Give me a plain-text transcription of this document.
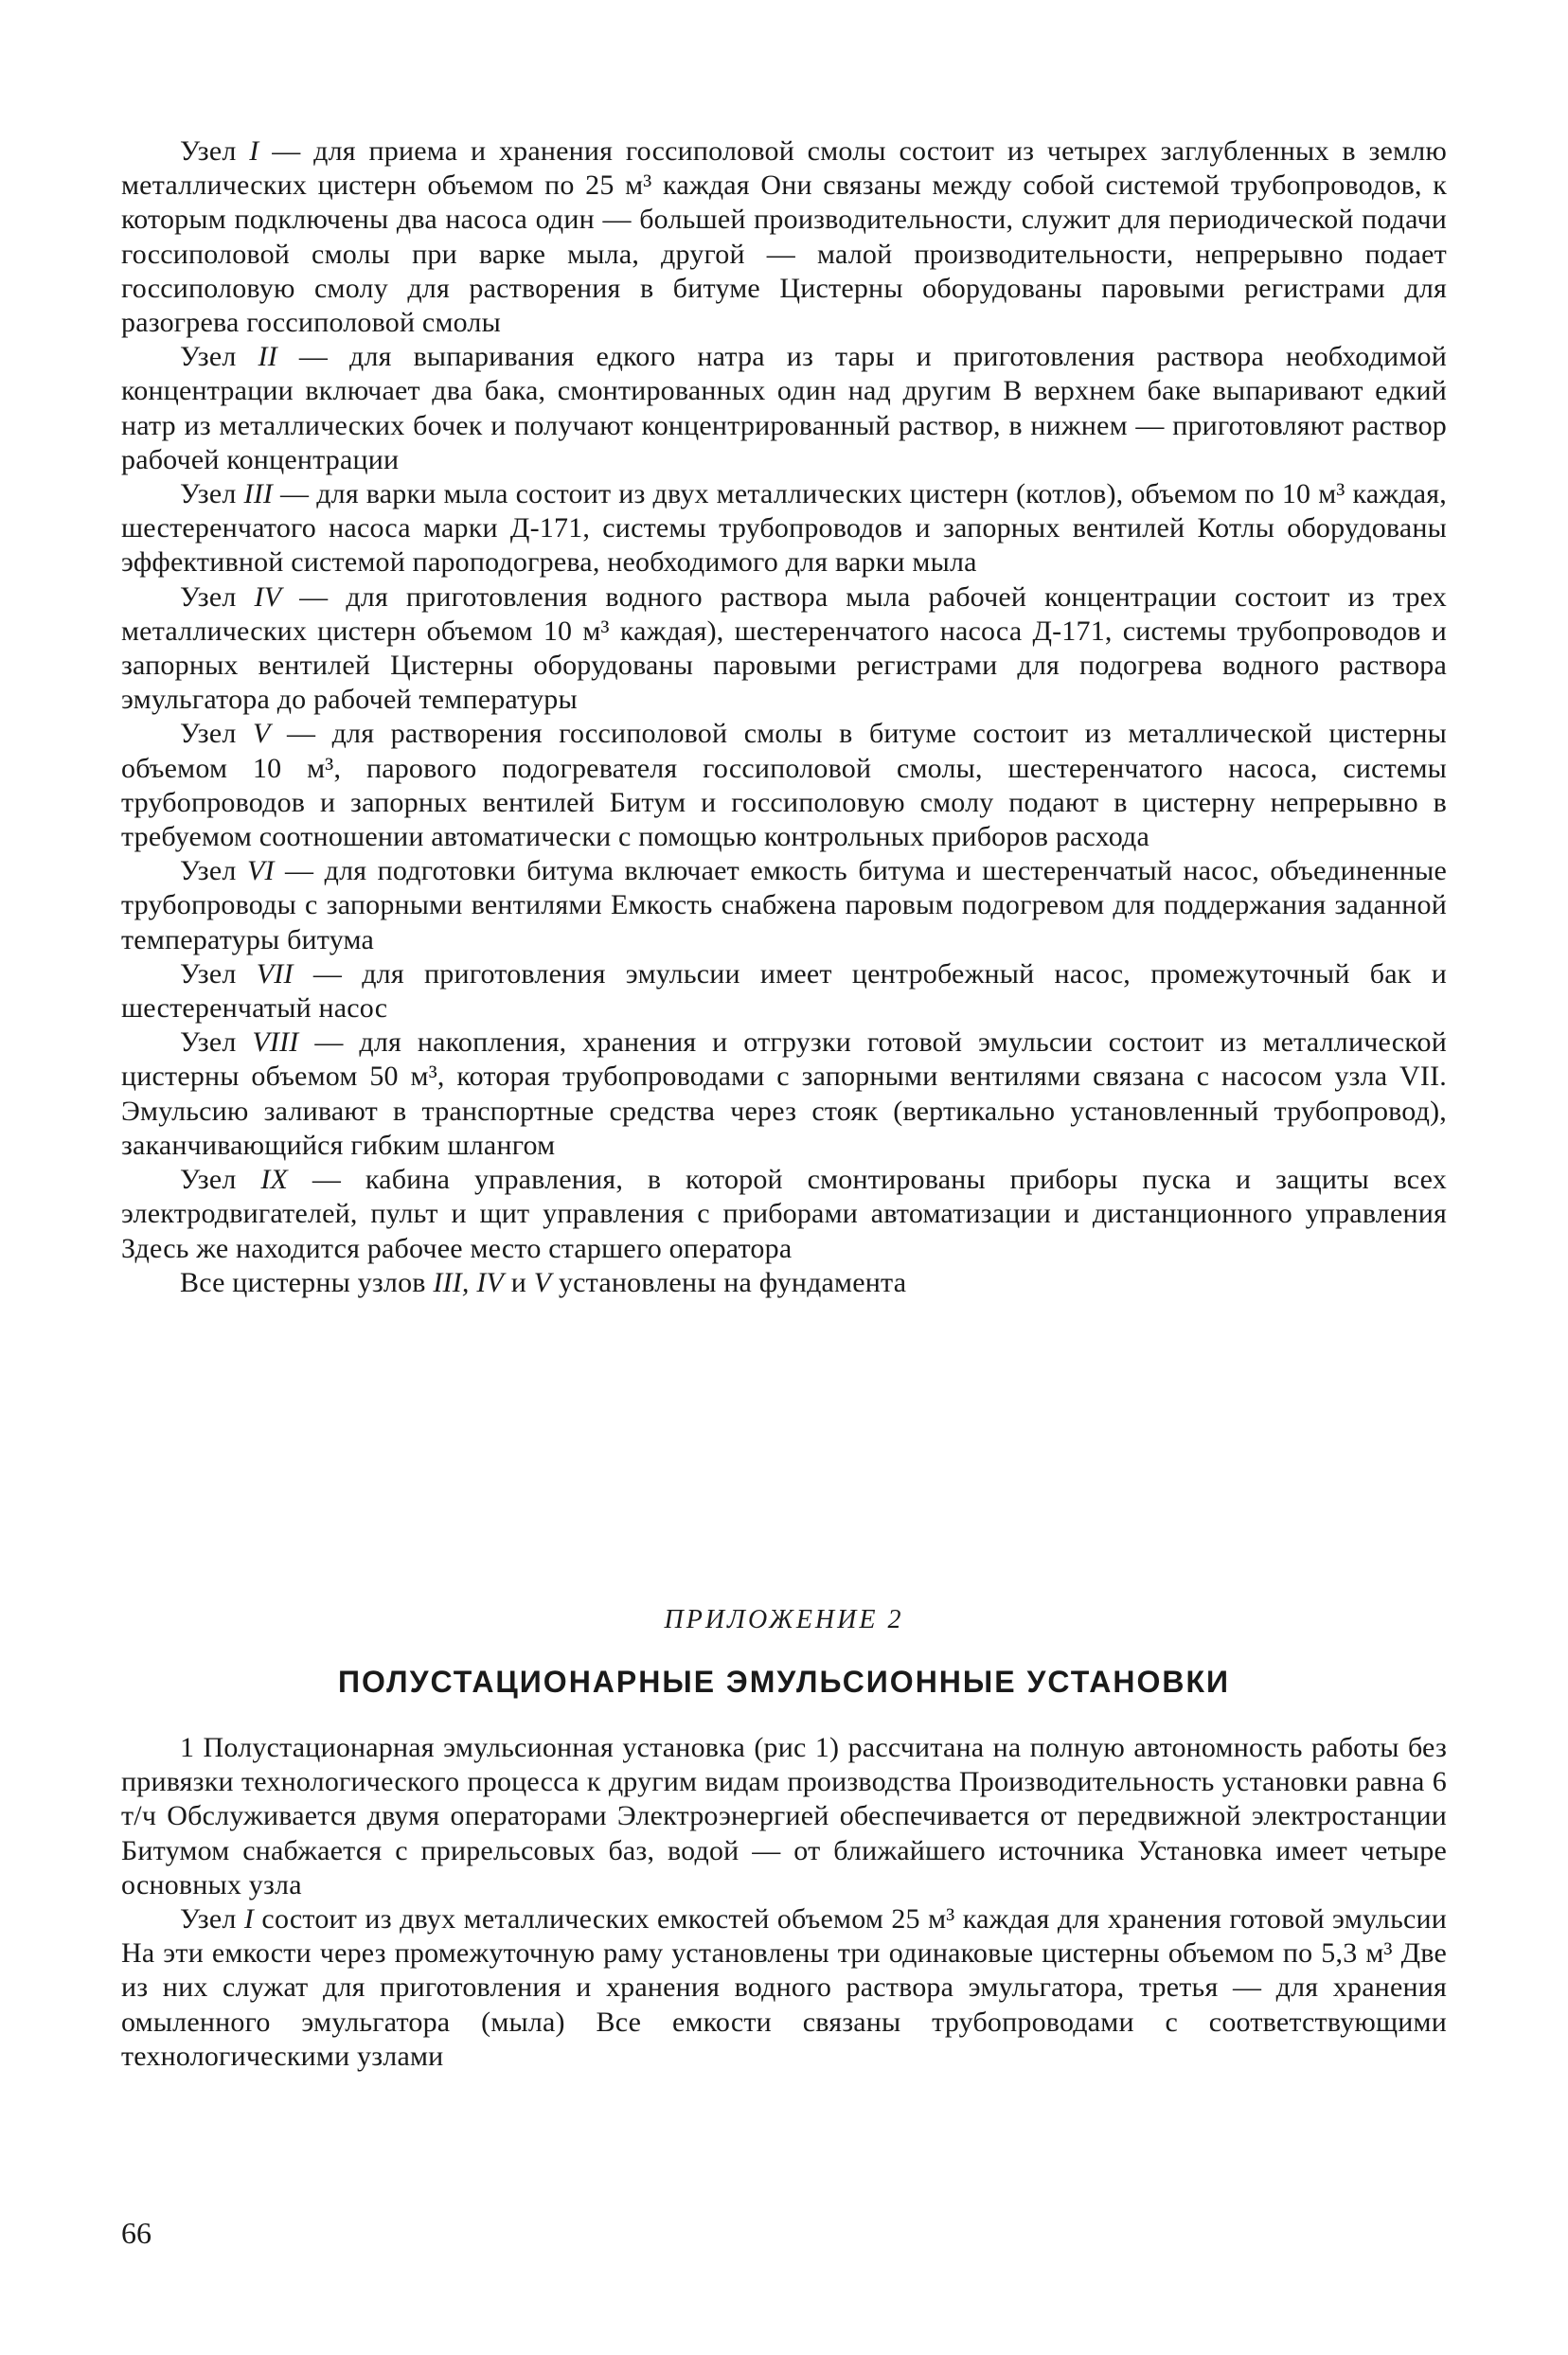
Узел I — для приема и хранения госсиполовой смолы состоит из четырех заглубленных в землю металлических цистерн объемом по 25 м³ каждая Они связаны между собой системой трубопроводов, к которым подключены два насоса один — большей производительности, служит для периодической подачи госсиполовой смолы при варке мыла, другой — малой производительности, непрерывно подает госсиполовую смолу для растворения в битуме Цистерны оборудованы паровыми регистрами для разогрева госсиполовой смолы

Узел II — для выпаривания едкого натра из тары и приготовления раствора необходимой концентрации включает два бака, смонтированных один над другим В верхнем баке выпаривают едкий натр из металлических бочек и получают концентрированный раствор, в нижнем — приготовляют раствор рабочей концентрации

Узел III — для варки мыла состоит из двух металлических цистерн (котлов), объемом по 10 м³ каждая, шестеренчатого насоса марки Д-171, системы трубопроводов и запорных вентилей Котлы оборудованы эффективной системой пароподогрева, необходимого для варки мыла

Узел IV — для приготовления водного раствора мыла рабочей концентрации состоит из трех металлических цистерн объемом 10 м³ каждая), шестеренчатого насоса Д-171, системы трубопроводов и запорных вентилей Цистерны оборудованы паровыми регистрами для подогрева водного раствора эмульгатора до рабочей температуры

Узел V — для растворения госсиполовой смолы в битуме состоит из металлической цистерны объемом 10 м³, парового подогревателя госсиполовой смолы, шестеренчатого насоса, системы трубопроводов и запорных вентилей Битум и госсиполовую смолу подают в цистерну непрерывно в требуемом соотношении автоматически с помощью контрольных приборов расхода

Узел VI — для подготовки битума включает емкость битума и шестеренчатый насос, объединенные трубопроводы с запорными вентилями Емкость снабжена паровым подогревом для поддержания заданной температуры битума

Узел VII — для приготовления эмульсии имеет центробежный насос, промежуточный бак и шестеренчатый насос

Узел VIII — для накопления, хранения и отгрузки готовой эмульсии состоит из металлической цистерны объемом 50 м³, которая трубопроводами с запорными вентилями связана с насосом узла VII. Эмульсию заливают в транспортные средства через стояк (вертикально установленный трубопровод), заканчивающийся гибким шлангом

Узел IX — кабина управления, в которой смонтированы приборы пуска и защиты всех электродвигателей, пульт и щит управления с приборами автоматизации и дистанционного управления Здесь же находится рабочее место старшего оператора

Все цистерны узлов III, IV и V установлены на фундамента

ПРИЛОЖЕНИЕ 2

ПОЛУСТАЦИОНАРНЫЕ ЭМУЛЬСИОННЫЕ УСТАНОВКИ

1 Полустационарная эмульсионная установка (рис 1) рассчитана на полную автономность работы без привязки технологического процесса к другим видам производства Производительность установки равна 6 т/ч Обслуживается двумя операторами Электроэнергией обеспечивается от передвижной электростанции Битумом снабжается с прирельсовых баз, водой — от ближайшего источника Установка имеет четыре основных узла

Узел I состоит из двух металлических емкостей объемом 25 м³ каждая для хранения готовой эмульсии На эти емкости через промежуточную раму установлены три одинаковые цистерны объемом по 5,3 м³ Две из них служат для приготовления и хранения водного раствора эмульгатора, третья — для хранения омыленного эмульгатора (мыла) Все емкости связаны трубопроводами с соответствующими технологическими узлами

66
